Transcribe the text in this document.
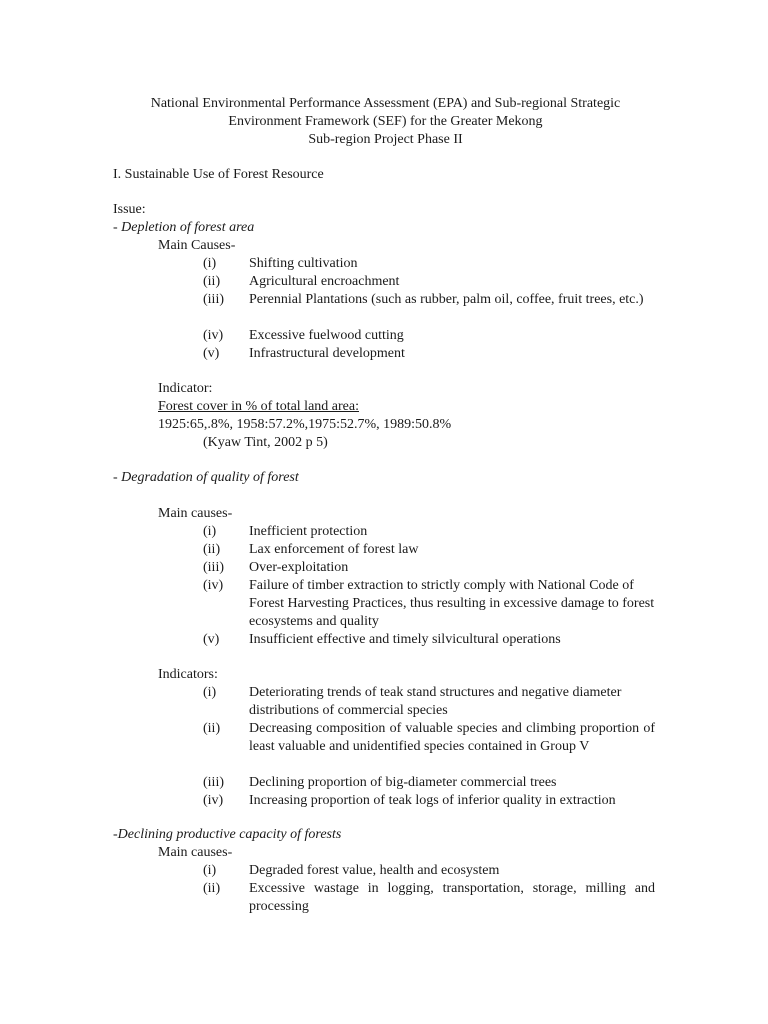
National Environmental Performance Assessment (EPA) and Sub-regional Strategic
Environment Framework (SEF) for the Greater Mekong
Sub-region Project Phase II
I. Sustainable Use of Forest Resource
Issue:
- Depletion of forest area
Main Causes-
(i) Shifting cultivation
(ii) Agricultural encroachment
(iii) Perennial Plantations (such as rubber, palm oil, coffee, fruit trees, etc.)
(iv) Excessive fuelwood cutting
(v) Infrastructural development
Indicator:
Forest cover in % of total land area:
1925:65,.8%, 1958:57.2%,1975:52.7%, 1989:50.8%
(Kyaw Tint, 2002 p 5)
- Degradation of quality of forest
Main causes-
(i) Inefficient protection
(ii) Lax enforcement of forest law
(iii) Over-exploitation
(iv) Failure of timber extraction to strictly comply with National Code of Forest Harvesting Practices, thus resulting in excessive damage to forest ecosystems and quality
(v) Insufficient effective and timely silvicultural operations
Indicators:
(i) Deteriorating trends of teak stand structures and negative diameter distributions of commercial species
(ii) Decreasing composition of valuable species and climbing proportion of least valuable and unidentified species contained in Group V
(iii) Declining proportion of big-diameter commercial trees
(iv) Increasing proportion of teak logs of inferior quality in extraction
-Declining productive capacity of forests
Main causes-
(i) Degraded forest value, health and ecosystem
(ii) Excessive wastage in logging, transportation, storage, milling and processing
